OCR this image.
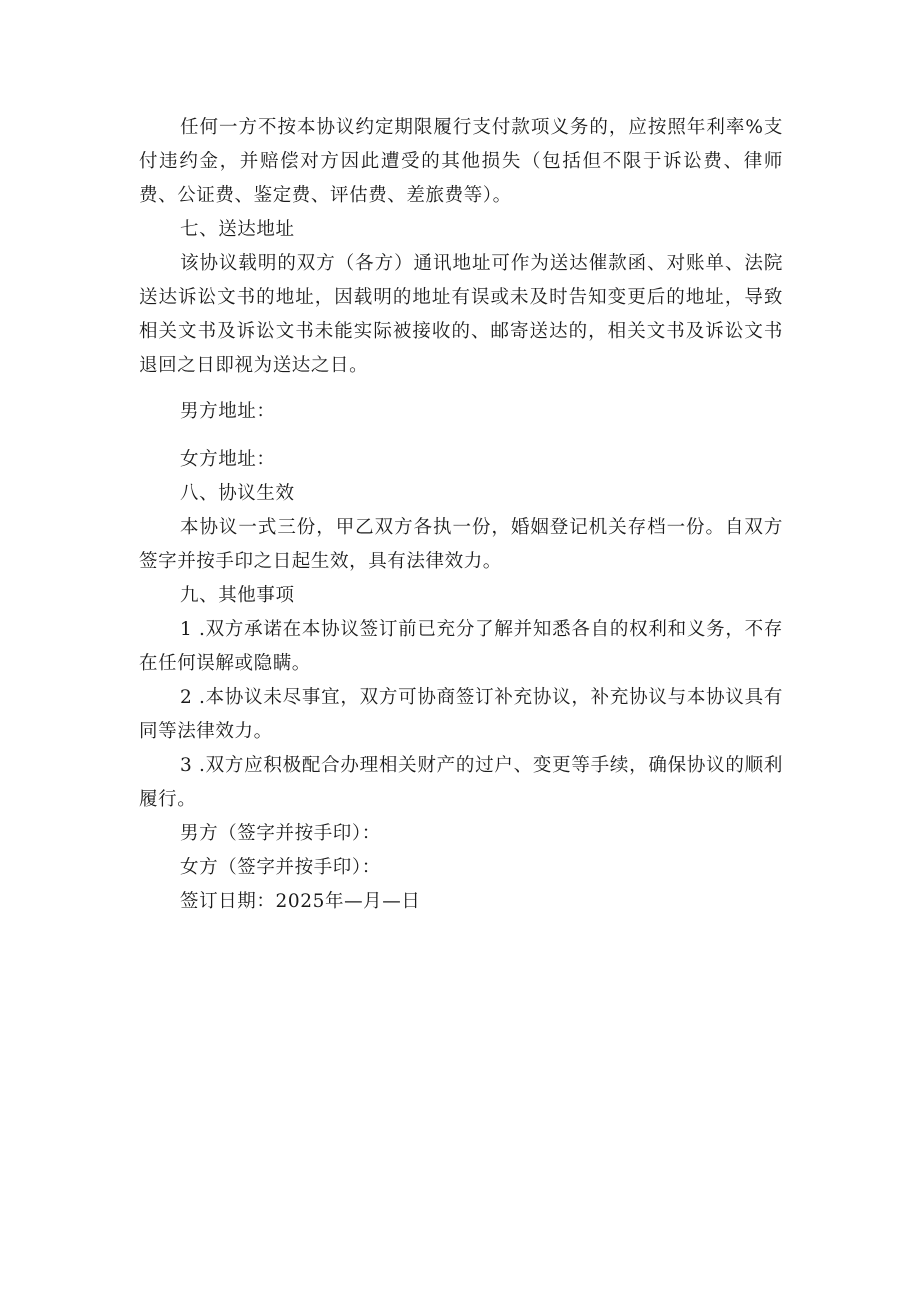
任何一方不按本协议约定期限履行支付款项义务的，应按照年利率%支付违约金，并赔偿对方因此遭受的其他损失（包括但不限于诉讼费、律师费、公证费、鉴定费、评估费、差旅费等）。

七、送达地址

该协议载明的双方（各方）通讯地址可作为送达催款函、对账单、法院送达诉讼文书的地址，因载明的地址有误或未及时告知变更后的地址，导致相关文书及诉讼文书未能实际被接收的、邮寄送达的，相关文书及诉讼文书退回之日即视为送达之日。

男方地址：

女方地址：

八、协议生效

本协议一式三份，甲乙双方各执一份，婚姻登记机关存档一份。自双方签字并按手印之日起生效，具有法律效力。

九、其他事项

1 .双方承诺在本协议签订前已充分了解并知悉各自的权利和义务，不存在任何误解或隐瞒。

2 .本协议未尽事宜，双方可协商签订补充协议，补充协议与本协议具有同等法律效力。

3 .双方应积极配合办理相关财产的过户、变更等手续，确保协议的顺利履行。

男方（签字并按手印）：

女方（签字并按手印）：

签订日期：2025年—月—日
